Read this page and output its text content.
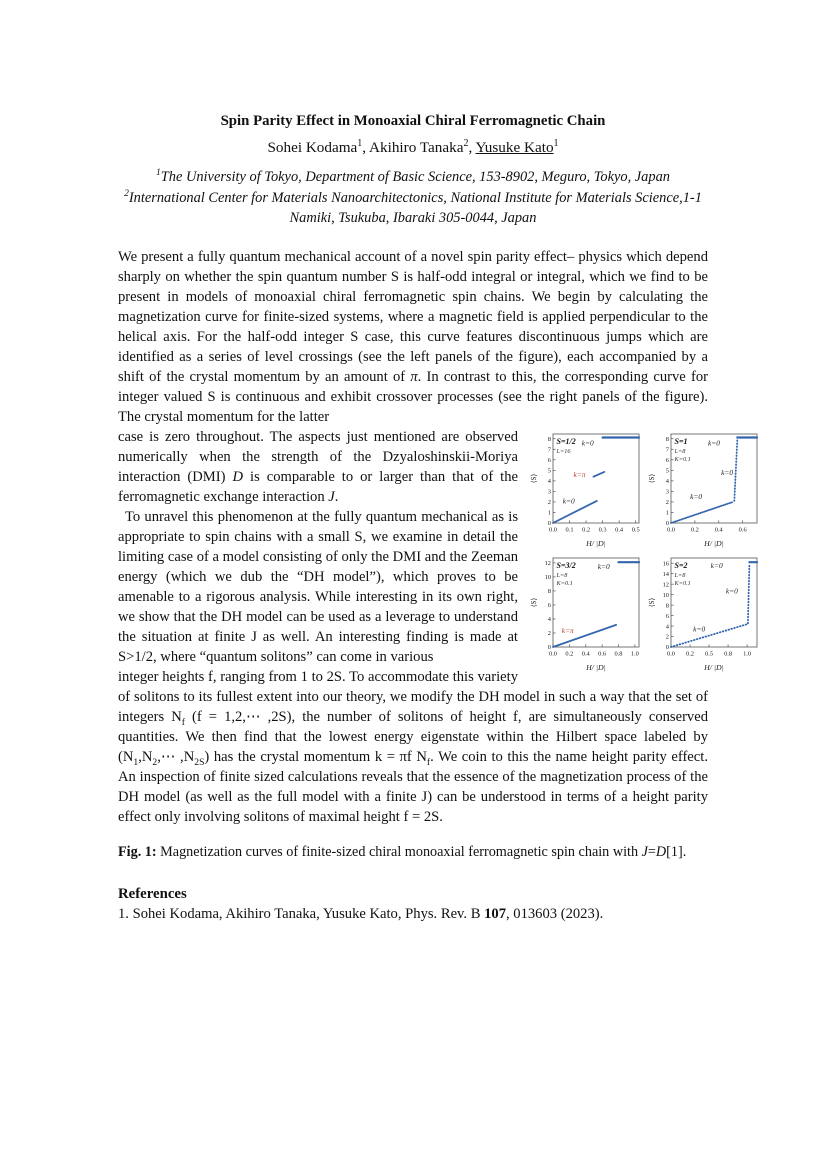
Spin Parity Effect in Monoaxial Chiral Ferromagnetic Chain

Sohei Kodama$^1$, Akihiro Tanaka$^2$, Yusuke Kato$^1$

$^1$The University of Tokyo, Department of Basic Science, 153-8902, Meguro, Tokyo, Japan

$^2$International Center for Materials Nanoarchitectonics, National Institute for Materials Science,1-1 Namiki, Tsukuba, Ibaraki 305-0044, Japan

We present a fully quantum mechanical account of a novel spin parity effect– physics which depend sharply on whether the spin quantum number S is half-odd integral or integral, which we find to be present in models of monoaxial chiral ferromagnetic spin chains. We begin by calculating the magnetization curve for finite-sized systems, where a magnetic field is applied perpendicular to the helical axis. For the half-odd integer S case, this curve features discontinuous jumps which are identified as a series of level crossings (see the left panels of the figure), each accompanied by a shift of the crystal momentum by an amount of π. In contrast to this, the corresponding curve for integer valued S is continuous and exhibit crossover processes (see the right panels of the figure). The crystal momentum for the latter

0.0 0.1 0.2 0.3 0.4 0.5
0
1
2
3
4
5
6
7
8
H/ |D|
⟨S⟩
S=1/2
L=16
k=0
k=π
k=0
0.0 0.2 0.4 0.6
0
1
2
3
4
5
6
7
8
H/ |D|
⟨S⟩
S=1
L=8
K=0.1
k=0
k=0
k=0
0.0 0.2 0.4 0.6 0.8 1.0
0
2
4
6
8
10
12
H/ |D|
⟨S⟩
S=3/2
L=8
K=0.1
k=0
k=π
0.0 0.2 0.5 0.8 1.0
0
2
4
6
8
10
12
14
16
H/ |D|
⟨S⟩
S=2
L=8
K=0.1
k=0
k=0
k=0

case is zero throughout. The aspects just mentioned are observed numerically when the strength of the Dzyaloshinskii-Moriya interaction (DMI) D is comparable to or larger than that of the ferromagnetic exchange interaction J.

To unravel this phenomenon at the fully quantum mechanical as is appropriate to spin chains with a small S, we examine in detail the limiting case of a model consisting of only the DMI and the Zeeman energy (which we dub the “DH model”), which proves to be amenable to a rigorous analysis. While interesting in its own right, we show that the DH model can be used as a leverage to understand the situation at finite J as well. An interesting finding is made at S>1/2, where “quantum solitons” can come in various

integer heights f, ranging from 1 to 2S. To accommodate this variety of solitons to its fullest extent into our theory, we modify the DH model in such a way that the set of integers $N_f$ (f = 1,2,⋯ ,2S), the number of solitons of height f, are simultaneously conserved quantities. We then find that the lowest energy eigenstate within the Hilbert space labeled by ($N_1,N_2,\cdots$ $,N_{2S}$) has the crystal momentum k = πf $N_f$. We coin to this the name height parity effect. An inspection of finite sized calculations reveals that the essence of the magnetization process of the DH model (as well as the full model with a finite J) can be understood in terms of a height parity effect only involving solitons of maximal height f = 2S.

Fig. 1: Magnetization curves of finite-sized chiral monoaxial ferromagnetic spin chain with J=D[1].

References

1. Sohei Kodama, Akihiro Tanaka, Yusuke Kato, Phys. Rev. B 107, 013603 (2023).
